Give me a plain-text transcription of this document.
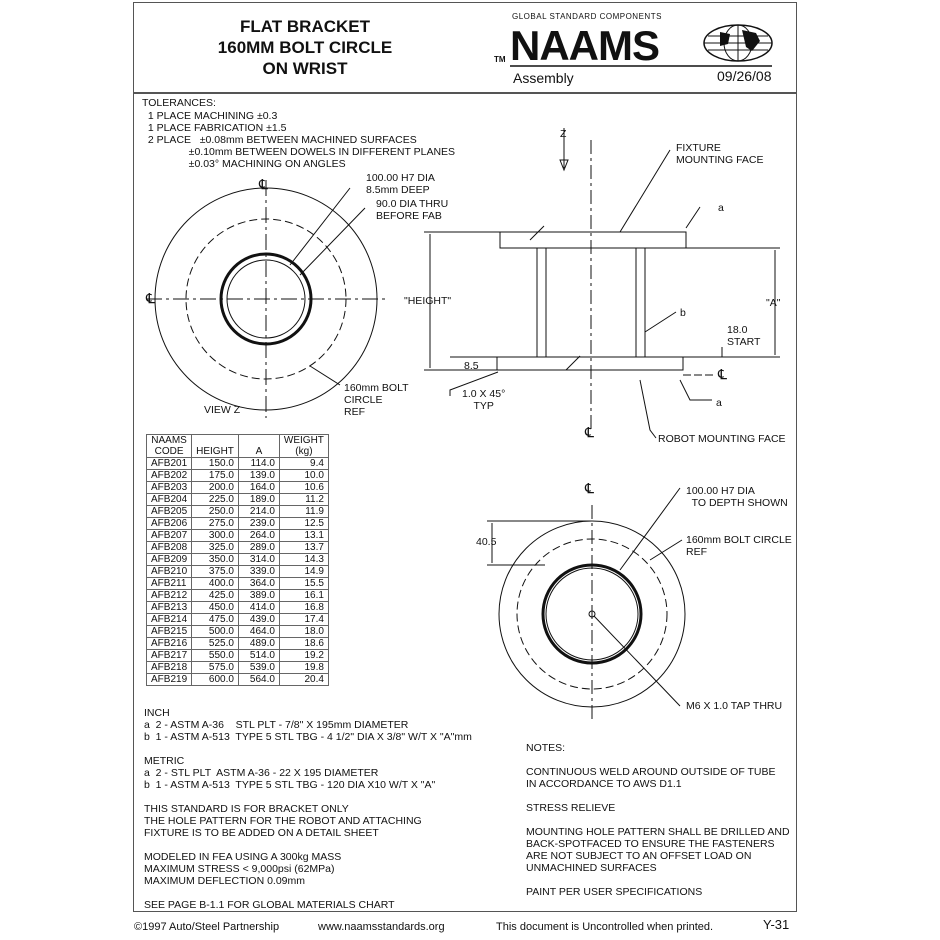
FLAT BRACKET
160MM BOLT CIRCLE
ON WRIST
GLOBAL STANDARD COMPONENTS
NAAMS
TM
Assembly	09/26/08
TOLERANCES:
1 PLACE MACHINING ±0.3
1 PLACE FABRICATION ±1.5
2 PLACE   ±0.08mm BETWEEN MACHINED SURFACES
±0.10mm BETWEEN DOWELS IN DIFFERENT PLANES
±0.03° MACHINING ON ANGLES
℄
℄
100.00 H7 DIA
8.5mm DEEP
90.0 DIA THRU
BEFORE FAB
160mm BOLT
CIRCLE
REF
VIEW Z
Z
FIXTURE
MOUNTING FACE
a
b
"HEIGHT"	"A"
18.0
START
8.5
1.0 X 45°
TYP
℄
a
℄	ROBOT MOUNTING FACE
℄	100.00 H7 DIA
TO DEPTH SHOWN
40.5	160mm BOLT CIRCLE
REF
M6 X 1.0 TAP THRU
NAAMS
CODE	HEIGHT	A	WEIGHT
(kg)
AFB201	150.0	114.0	9.4
AFB202	175.0	139.0	10.0
AFB203	200.0	164.0	10.6
AFB204	225.0	189.0	11.2
AFB205	250.0	214.0	11.9
AFB206	275.0	239.0	12.5
AFB207	300.0	264.0	13.1
AFB208	325.0	289.0	13.7
AFB209	350.0	314.0	14.3
AFB210	375.0	339.0	14.9
AFB211	400.0	364.0	15.5
AFB212	425.0	389.0	16.1
AFB213	450.0	414.0	16.8
AFB214	475.0	439.0	17.4
AFB215	500.0	464.0	18.0
AFB216	525.0	489.0	18.6
AFB217	550.0	514.0	19.2
AFB218	575.0	539.0	19.8
AFB219	600.0	564.0	20.4
INCH
a  2 - ASTM A-36    STL PLT - 7/8" X 195mm DIAMETER
b  1 - ASTM A-513  TYPE 5 STL TBG - 4 1/2" DIA X 3/8" W/T X "A"mm

METRIC
a  2 - STL PLT  ASTM A-36 - 22 X 195 DIAMETER
b  1 - ASTM A-513  TYPE 5 STL TBG - 120 DIA X10 W/T X "A"

THIS STANDARD IS FOR BRACKET ONLY
THE HOLE PATTERN FOR THE ROBOT AND ATTACHING
FIXTURE IS TO BE ADDED ON A DETAIL SHEET

MODELED IN FEA USING A 300kg MASS
MAXIMUM STRESS < 9,000psi (62MPa)
MAXIMUM DEFLECTION 0.09mm

SEE PAGE B-1.1 FOR GLOBAL MATERIALS CHART
NOTES:

CONTINUOUS WELD AROUND OUTSIDE OF TUBE
IN ACCORDANCE TO AWS D1.1

STRESS RELIEVE

MOUNTING HOLE PATTERN SHALL BE DRILLED AND
BACK-SPOTFACED TO ENSURE THE FASTENERS
ARE NOT SUBJECT TO AN OFFSET LOAD ON
UNMACHINED SURFACES

PAINT PER USER SPECIFICATIONS
©1997 Auto/Steel Partnership	www.naamsstandards.org	This document is Uncontrolled when printed.	Y-31
